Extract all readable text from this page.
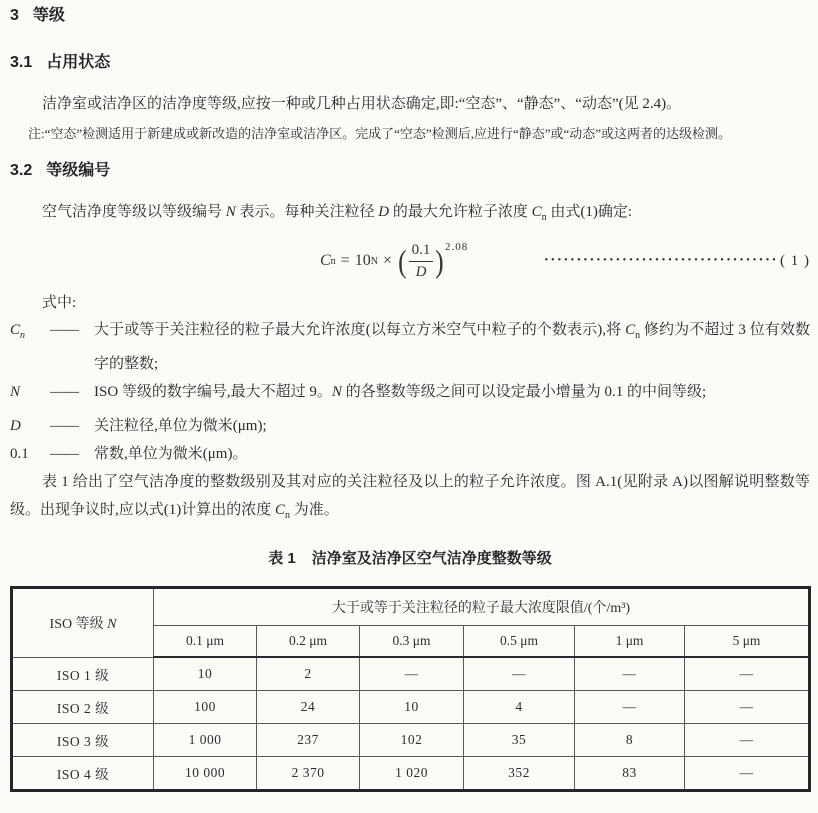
3 等级
3.1 占用状态
洁净室或洁净区的洁净度等级,应按一种或几种占用状态确定,即:“空态”、“静态”、“动态”(见 2.4)。
注:“空态”检测适用于新建成或新改造的洁净室或洁净区。完成了“空态”检测后,应进行“静态”或“动态”或这两者的达级检测。
3.2 等级编号
空气洁净度等级以等级编号 N 表示。每种关注粒径 D 的最大允许粒子浓度 $C_n$ 由式(1)确定:
C n = 10 N × ( $\frac{0.1}{D}$ ) 2.08
···································· ( 1 )
式中:
$C_n$	——	大于或等于关注粒径的粒子最大允许浓度(以每立方米空气中粒子的个数表示),将 $C_n$ 修约为不超过 3 位有效数字的整数;
N	——	ISO 等级的数字编号,最大不超过 9。N 的各整数等级之间可以设定最小增量为 0.1 的中间等级;
D	——	关注粒径,单位为微米(μm);
0.1	——	常数,单位为微米(μm)。
表 1 给出了空气洁净度的整数级别及其对应的关注粒径及以上的粒子允许浓度。图 A.1(见附录 A)以图解说明整数等级。出现争议时,应以式(1)计算出的浓度 $C_n$ 为准。
表 1 洁净室及洁净区空气洁净度整数等级
ISO 等级 N	大于或等于关注粒径的粒子最大浓度限值/(个/m³)					
	0.1 μm	0.2 μm	0.3 μm	0.5 μm	1 μm	5 μm
ISO 1 级	10	2	—	—	—	—
ISO 2 级	100	24	10	4	—	—
ISO 3 级	1 000	237	102	35	8	—
ISO 4 级	10 000	2 370	1 020	352	83	—
